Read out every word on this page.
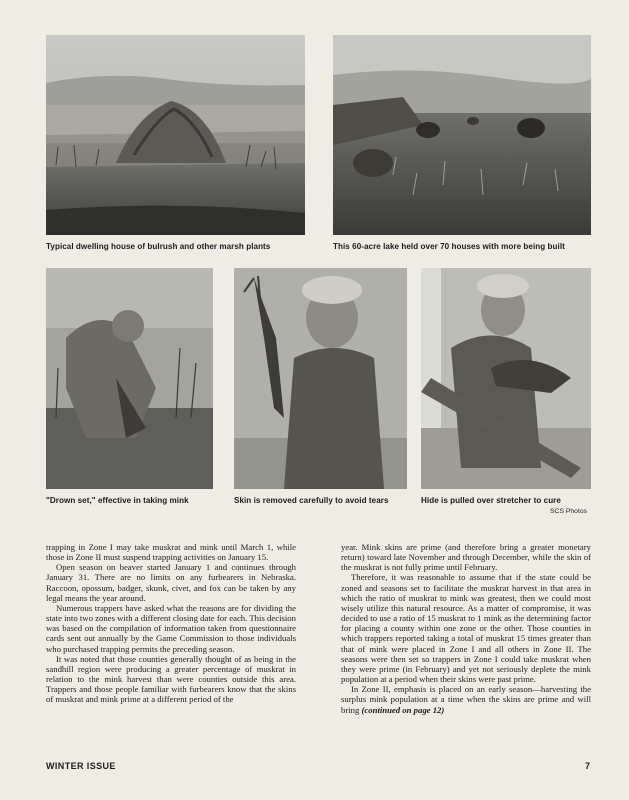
Typical dwelling house of bulrush and other marsh plants	This 60-acre lake held over 70 houses with more being built
"Drown set," effective in taking mink	Skin is removed carefully to avoid tears	Hide is pulled over stretcher to cure
SCS Photos

trapping in Zone I may take muskrat and mink until March 1, while those in Zone II must suspend trapping activities on January 15.

Open season on beaver started January 1 and continues through January 31. There are no limits on any furbearers in Nebraska. Raccoon, opossum, badger, skunk, civet, and fox can be taken by any legal means the year around.

Numerous trappers have asked what the reasons are for dividing the state into two zones with a different closing date for each. This decision was based on the compilation of information taken from questionnaire cards sent out annually by the Game Commission to those individuals who purchased trapping permits the preceding season.

It was noted that those counties generally thought of as being in the sandhill region were producing a greater percentage of muskrat in relation to the mink harvest than were counties outside this area. Trappers and those people familiar with furbearers know that the skins of muskrat and mink prime at a different period of the

year. Mink skins are prime (and therefore bring a greater monetary return) toward late November and through December, while the skin of the muskrat is not fully prime until February.

Therefore, it was reasonable to assume that if the state could be zoned and seasons set to facilitate the muskrat harvest in that area in which the ratio of muskrat to mink was greatest, then we could most wisely utilize this natural resource. As a matter of compromise, it was decided to use a ratio of 15 muskrat to 1 mink as the determining factor for placing a county within one zone or the other. Those counties in which trappers reported taking a total of muskrat 15 times greater than that of mink were placed in Zone I and all others in Zone II. The seasons were then set so trappers in Zone I could take muskrat when they were prime (in February) and yet not seriously deplete the mink population at a period when their skins were past prime.

In Zone II, emphasis is placed on an early season—harvesting the surplus mink population at a time when the skins are prime and will bring (continued on page 12)

WINTER ISSUE	7
